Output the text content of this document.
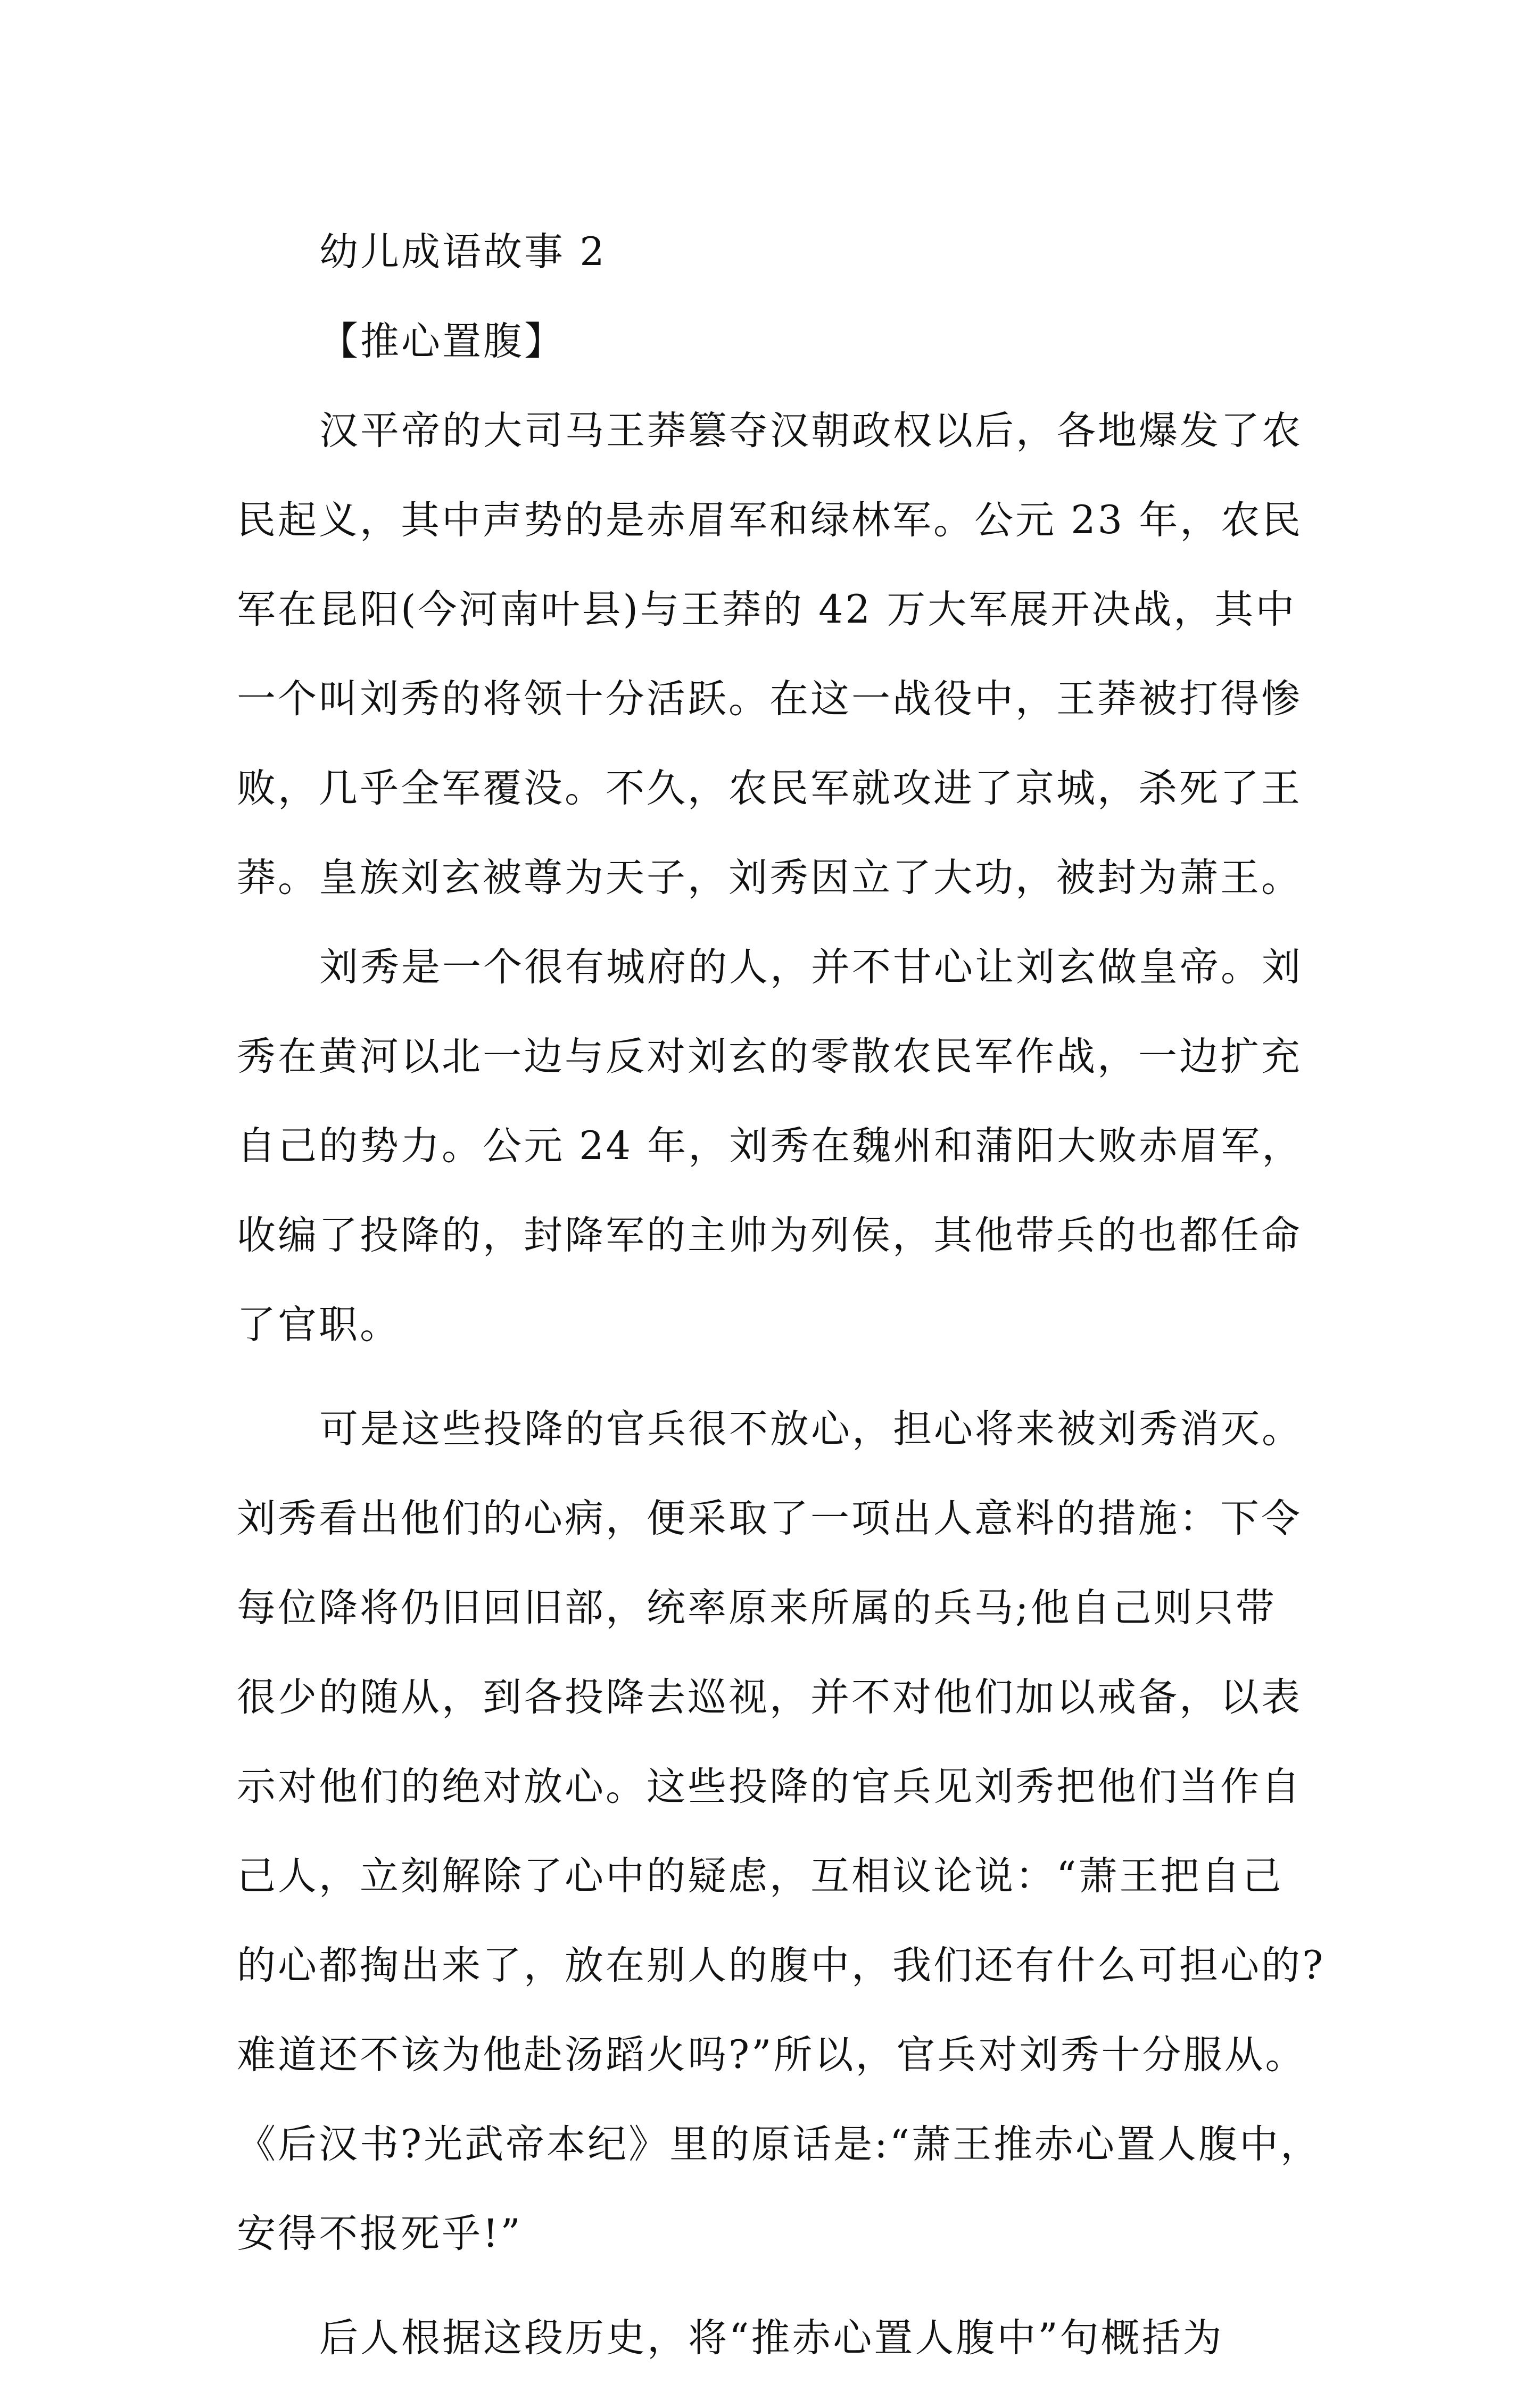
幼儿成语故事 2
【推心置腹】
汉平帝的大司马王莽篡夺汉朝政权以后，各地爆发了农
民起义，其中声势的是赤眉军和绿林军。公元 23 年，农民
军在昆阳(今河南叶县)与王莽的 42 万大军展开决战，其中
一个叫刘秀的将领十分活跃。在这一战役中，王莽被打得惨
败，几乎全军覆没。不久，农民军就攻进了京城，杀死了王
莽。皇族刘玄被尊为天子，刘秀因立了大功，被封为萧王。
刘秀是一个很有城府的人，并不甘心让刘玄做皇帝。刘
秀在黄河以北一边与反对刘玄的零散农民军作战，一边扩充
自己的势力。公元 24 年，刘秀在魏州和蒲阳大败赤眉军，
收编了投降的，封降军的主帅为列侯，其他带兵的也都任命
了官职。
可是这些投降的官兵很不放心，担心将来被刘秀消灭。
刘秀看出他们的心病，便采取了一项出人意料的措施：下令
每位降将仍旧回旧部，统率原来所属的兵马;他自己则只带
很少的随从，到各投降去巡视，并不对他们加以戒备，以表
示对他们的绝对放心。这些投降的官兵见刘秀把他们当作自
己人，立刻解除了心中的疑虑，互相议论说：“萧王把自己
的心都掏出来了，放在别人的腹中，我们还有什么可担心的?
难道还不该为他赴汤蹈火吗?”所以，官兵对刘秀十分服从。
《后汉书?光武帝本纪》里的原话是:“萧王推赤心置人腹中，
安得不报死乎!”
后人根据这段历史，将“推赤心置人腹中”句概括为
